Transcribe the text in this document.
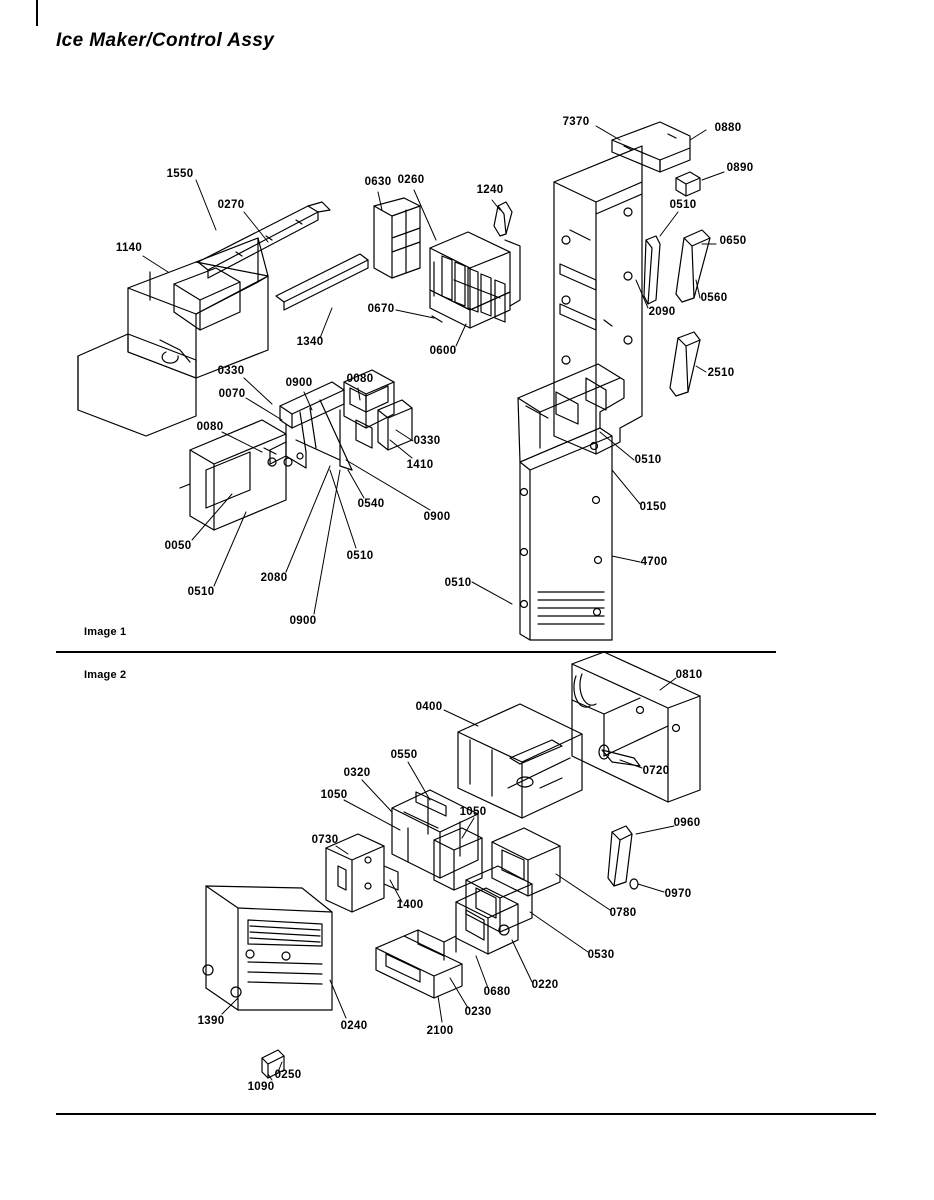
Ice Maker/Control Assy
Image 1
Image 2
7370	0880
0890
1550
0630 0260
1240
0510
0270
0650
1140
0560
2090
0670
1340
0600
2510
0080
0330
0900
0070
0080
0330
0510
1410
0540
0900
0150
0050
0510	4700
2080
0510
0510
0900
0810
0400
0720
0550
0320
1050
1050
0960
0730
0970
1400
0780
0530
0220
0680
0230
1390	0240	2100
0250
1090
